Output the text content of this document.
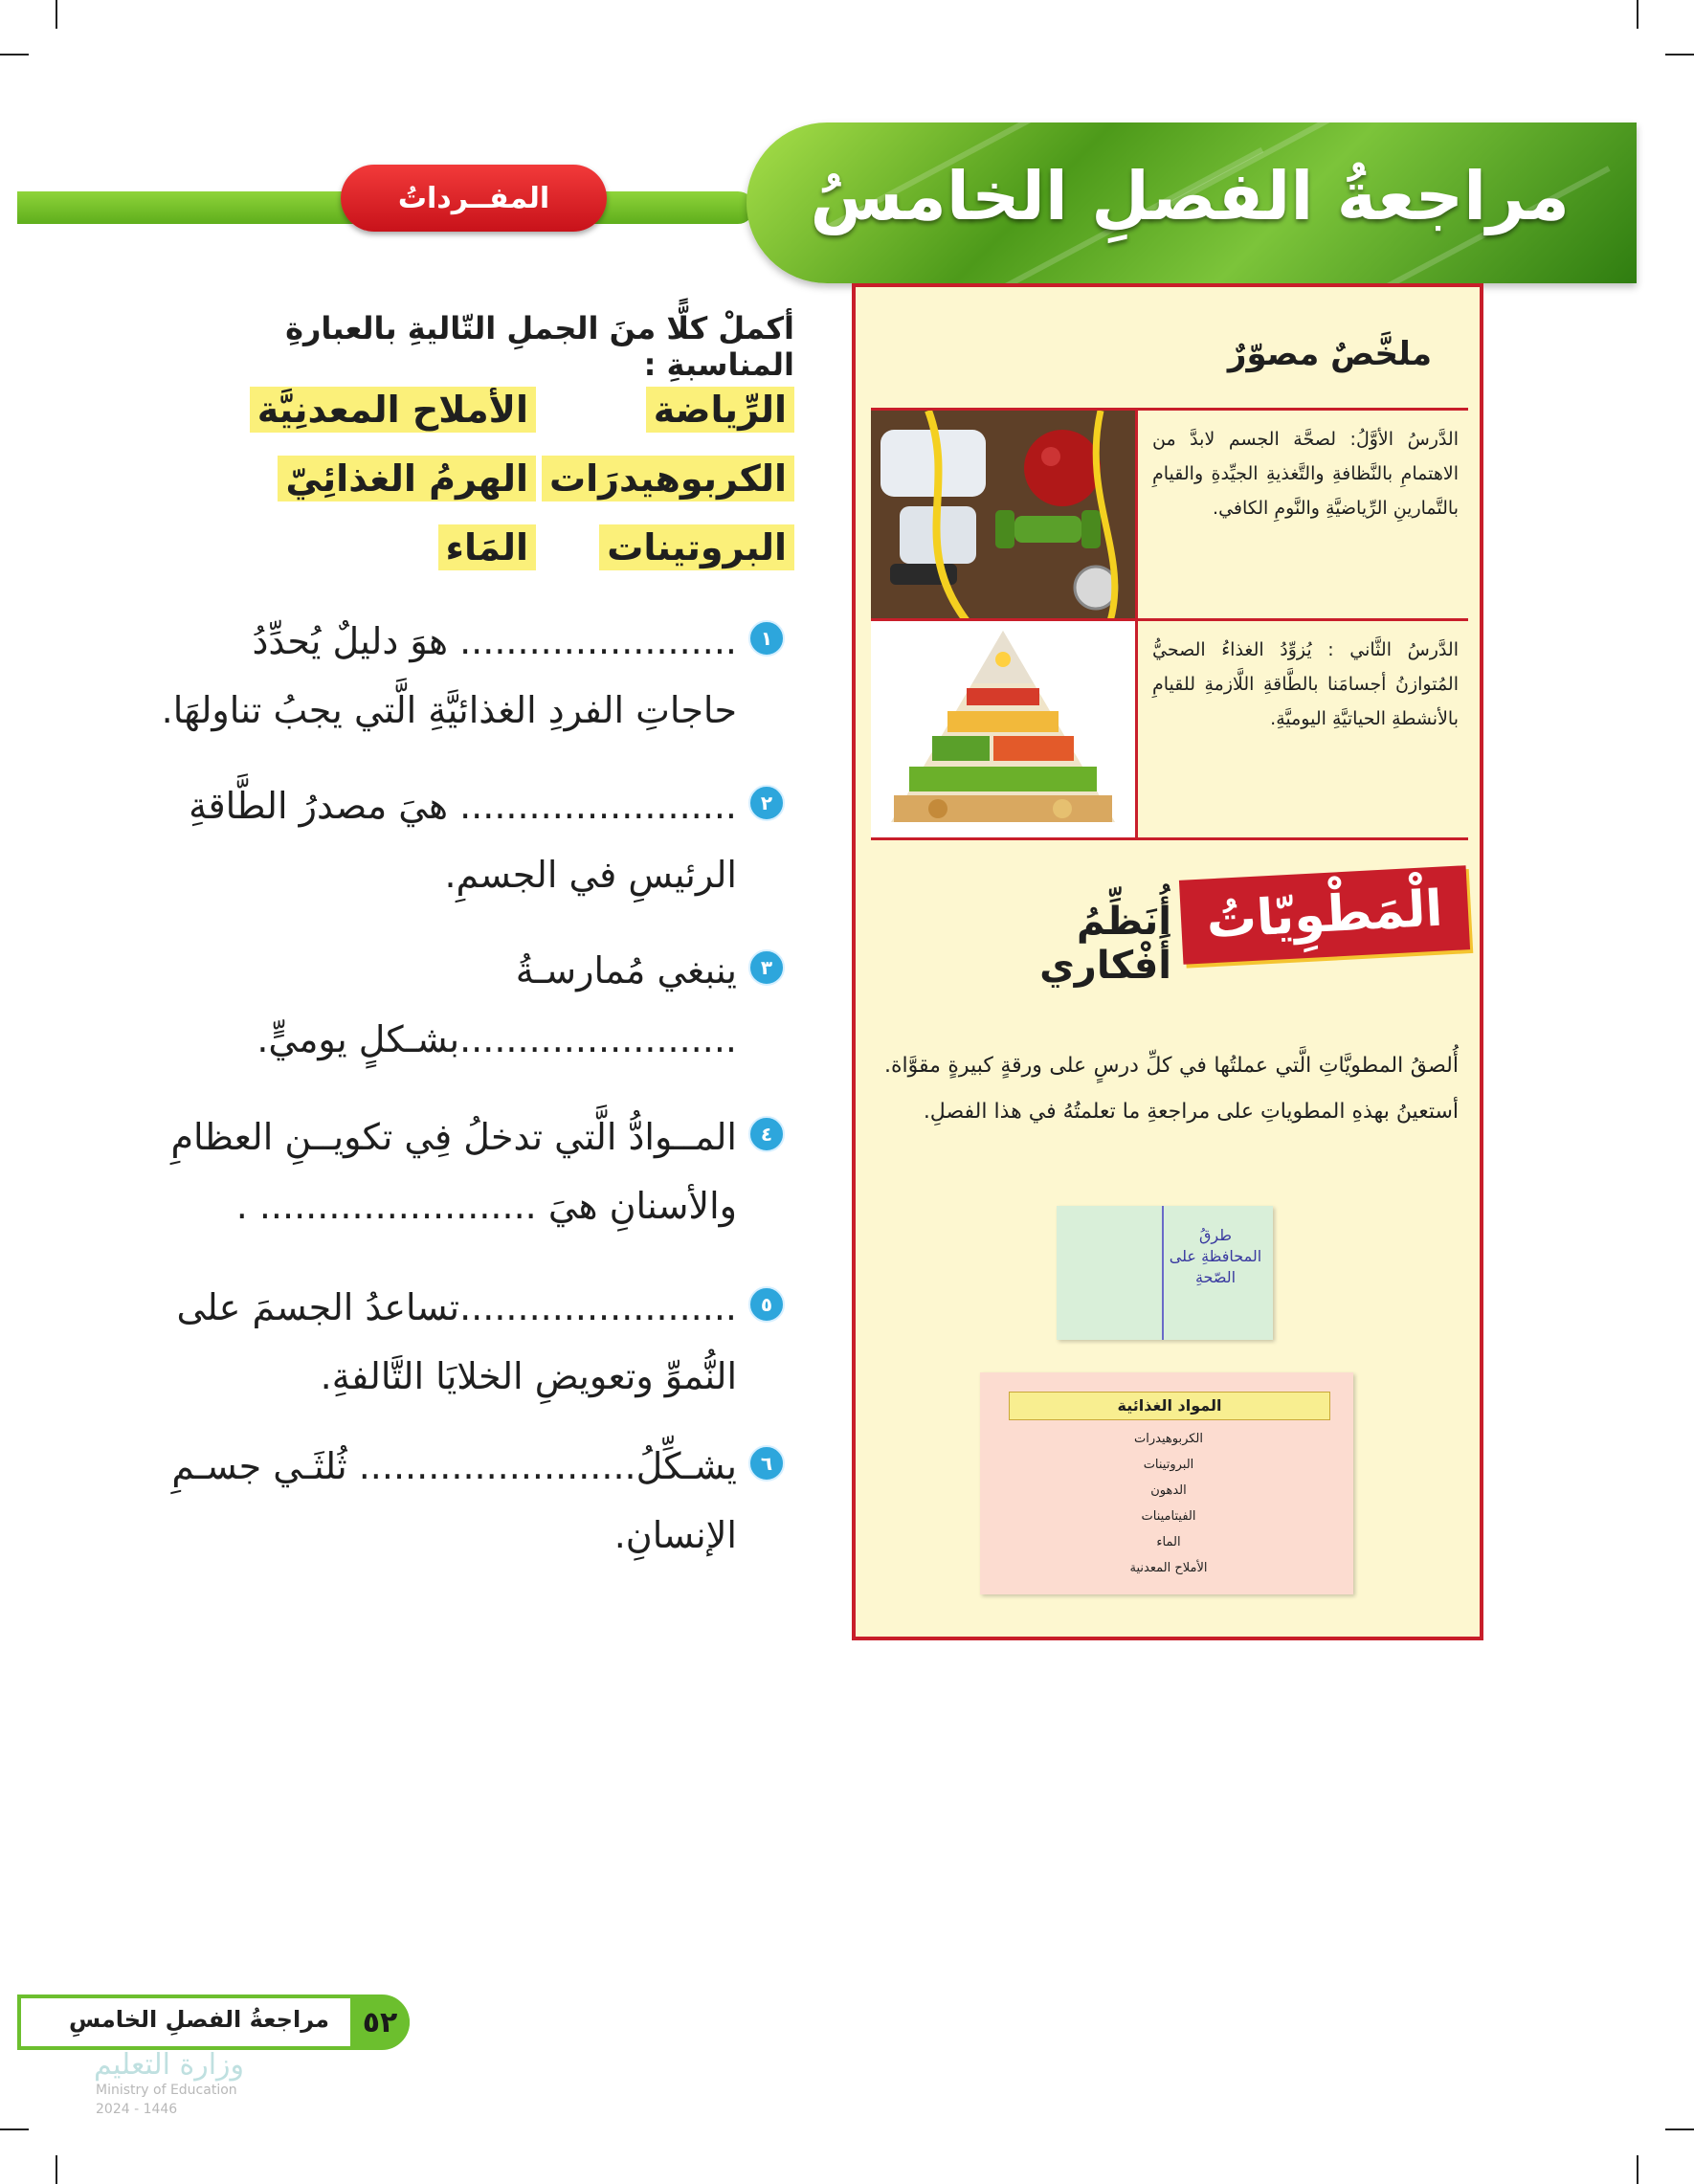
مراجعةُ الفصلِ الخامسُ
المفــرداتُ

أكملْ كلًّا منَ الجملِ التّاليةِ بالعبارةِ المناسبةِ :

الرِّياضة
الأملاح المعدنِيَّة
الكربوهيدرَات
الهرمُ الغذائِيّ
البروتينات
المَاء
١

........................ هوَ دليلٌ يُحدِّدُ حاجاتِ الفردِ الغذائيَّةِ الَّتي يجبُ تناولهَا.

٢

........................ هيَ مصدرُ الطَّاقةِ الرئيسِ في الجسمِ.

٣

ينبغي مُمارسـةُ ........................بشـكلٍ يوميٍّ.

٤

المــوادُّ الَّتي تدخلُ فِي تكويــنِ العظامِ والأسنانِ هيَ ........................ .

٥

........................تساعدُ الجسمَ على النُّموِّ وتعويضِ الخلايَا التَّالفةِ.

٦

يشـكِّلُ........................ ثُلثَـي جسـمِ الإنسانِ.

ملخَّصٌ مصوّرٌ
الدَّرسُ الأوَّلُ: لصحَّة الجسم لابدَّ من الاهتمامِ بالنَّظافةِ والتَّغذيةِ الجيِّدةِ والقيامِ بالتَّمارينِ الرِّياضيَّةِ والنَّومِ الكافي.
الدَّرسُ الثَّاني : يُزوِّدُ الغذاءُ الصحيُّ المُتوازنُ أجسامَنا بالطَّاقةِ اللَّازمةِ للقيامِ بالأنشطةِ الحياتيَّةِ اليوميَّةِ.
الْمَطْوِيّاتُ
أُنَظِّمُ أَفْكاري
أُلصقُ المطويَّاتِ الَّتي عملتُها في كلِّ درسٍ على ورقةٍ كبيرةٍ مقوَّاة. أستعينُ بهذهِ المطوياتِ على مراجعةِ ما تعلمتُهُ في هذا الفصلِ.
طرقُ المحافظةِ على الصّحةِ
المواد الغذائية
الكربوهيدرات
البروتينات
الدهون
الفيتامينات
الماء
الأملاح المعدنية
٥٢
مراجعةُ الفصلِ الخامسِ
وزارة التعليم
Ministry of Education
2024 - 1446
